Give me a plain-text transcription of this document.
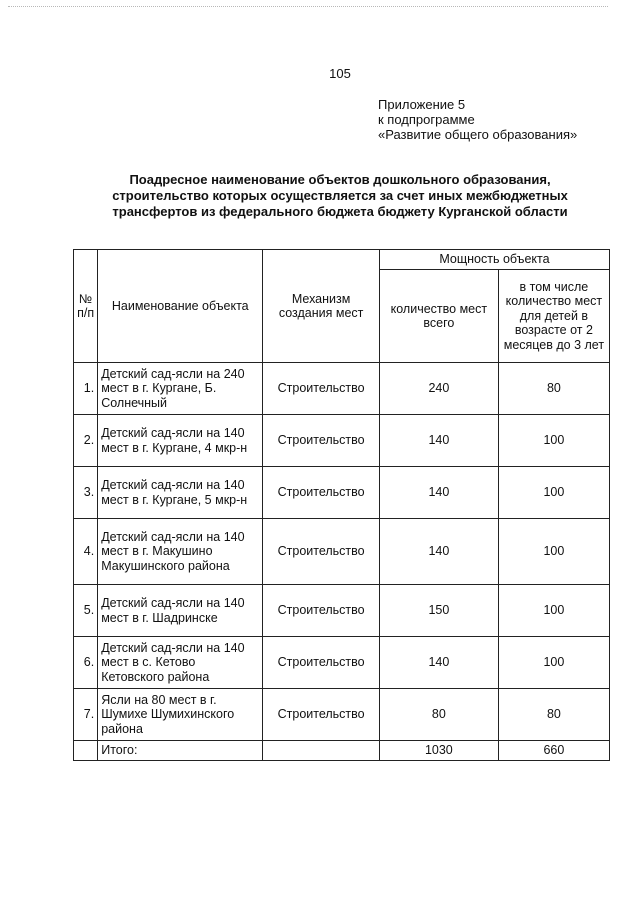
105
Приложение 5
к подпрограмме
«Развитие общего образования»
Поадресное наименование объектов дошкольного образования, строительство которых осуществляется за счет иных межбюджетных трансфертов из федерального бюджета бюджету Курганской области
№ п/п	Наименование объекта	Механизм создания мест	Мощность объекта	
			количество мест всего	в том числе количество мест для детей в возрасте от 2 месяцев до 3 лет
1.	Детский сад-ясли на 240 мест в г. Кургане, Б. Солнечный	Строительство	240	80
2.	Детский сад-ясли на 140 мест в г. Кургане, 4 мкр-н	Строительство	140	100
3.	Детский сад-ясли на 140 мест в г. Кургане, 5 мкр-н	Строительство	140	100
4.	Детский сад-ясли на 140 мест в г. Макушино Макушинского района	Строительство	140	100
5.	Детский сад-ясли на 140 мест в г. Шадринске	Строительство	150	100
6.	Детский сад-ясли на 140 мест в с. Кетово Кетовского района	Строительство	140	100
7.	Ясли на 80 мест в г. Шумихе Шумихинского района	Строительство	80	80
	Итого:		1030	660
